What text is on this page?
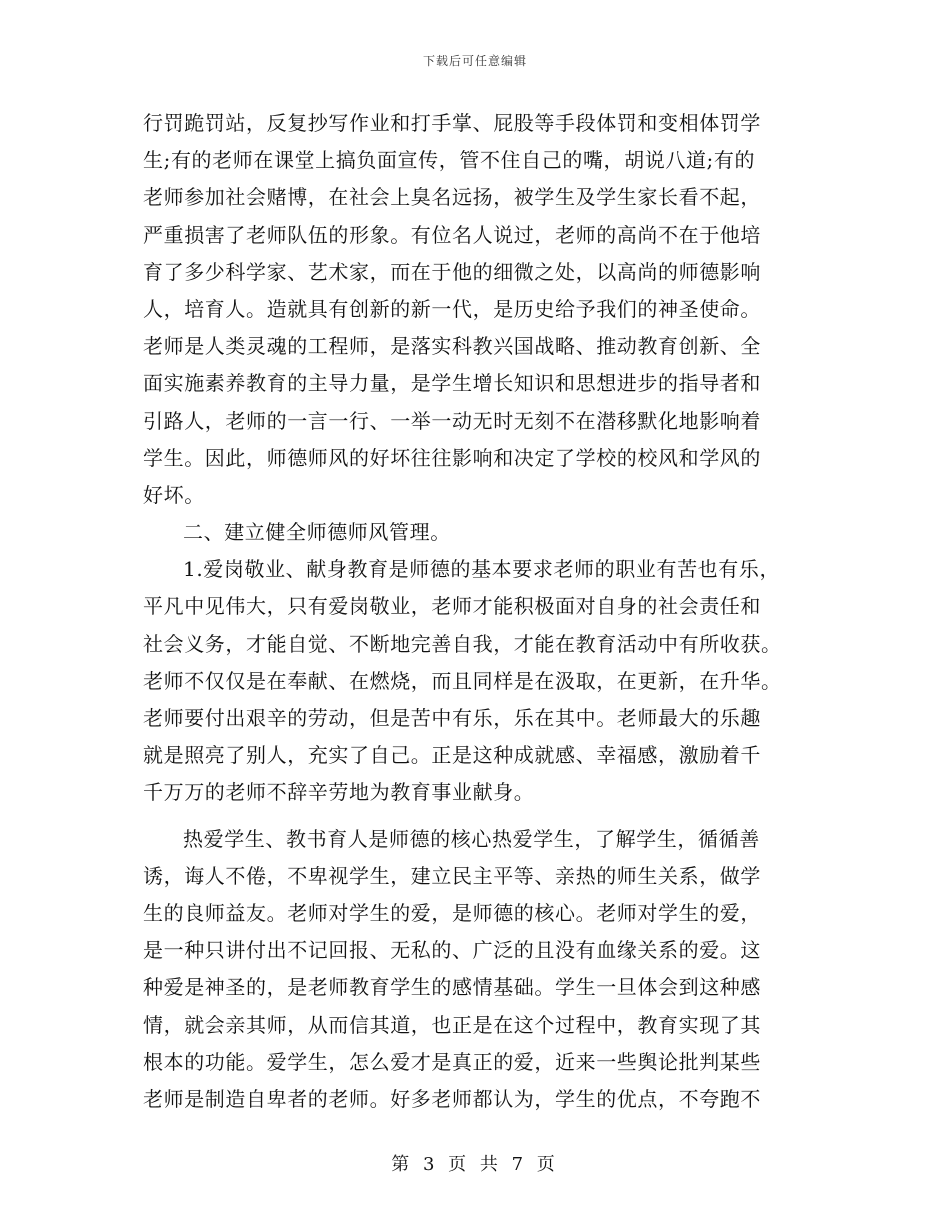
下载后可任意编辑
行罚跪罚站，反复抄写作业和打手掌、屁股等手段体罚和变相体罚学
生;有的老师在课堂上搞负面宣传，管不住自己的嘴，胡说八道;有的
老师参加社会赌博，在社会上臭名远扬，被学生及学生家长看不起，
严重损害了老师队伍的形象。有位名人说过，老师的高尚不在于他培
育了多少科学家、艺术家，而在于他的细微之处，以高尚的师德影响
人，培育人。造就具有创新的新一代，是历史给予我们的神圣使命。
老师是人类灵魂的工程师，是落实科教兴国战略、推动教育创新、全
面实施素养教育的主导力量，是学生增长知识和思想进步的指导者和
引路人，老师的一言一行、一举一动无时无刻不在潜移默化地影响着
学生。因此，师德师风的好坏往往影响和决定了学校的校风和学风的
好坏。
二、建立健全师德师风管理。
1.爱岗敬业、献身教育是师德的基本要求老师的职业有苦也有乐，
平凡中见伟大，只有爱岗敬业，老师才能积极面对自身的社会责任和
社会义务，才能自觉、不断地完善自我，才能在教育活动中有所收获。
老师不仅仅是在奉献、在燃烧，而且同样是在汲取，在更新，在升华。
老师要付出艰辛的劳动，但是苦中有乐，乐在其中。老师最大的乐趣
就是照亮了别人，充实了自己。正是这种成就感、幸福感，激励着千
千万万的老师不辞辛劳地为教育事业献身。
热爱学生、教书育人是师德的核心热爱学生，了解学生，循循善
诱，诲人不倦，不卑视学生，建立民主平等、亲热的师生关系，做学
生的良师益友。老师对学生的爱，是师德的核心。老师对学生的爱，
是一种只讲付出不记回报、无私的、广泛的且没有血缘关系的爱。这
种爱是神圣的，是老师教育学生的感情基础。学生一旦体会到这种感
情，就会亲其师，从而信其道，也正是在这个过程中，教育实现了其
根本的功能。爱学生，怎么爱才是真正的爱，近来一些舆论批判某些
老师是制造自卑者的老师。好多老师都认为，学生的优点，不夸跑不
第 3 页 共 7 页
